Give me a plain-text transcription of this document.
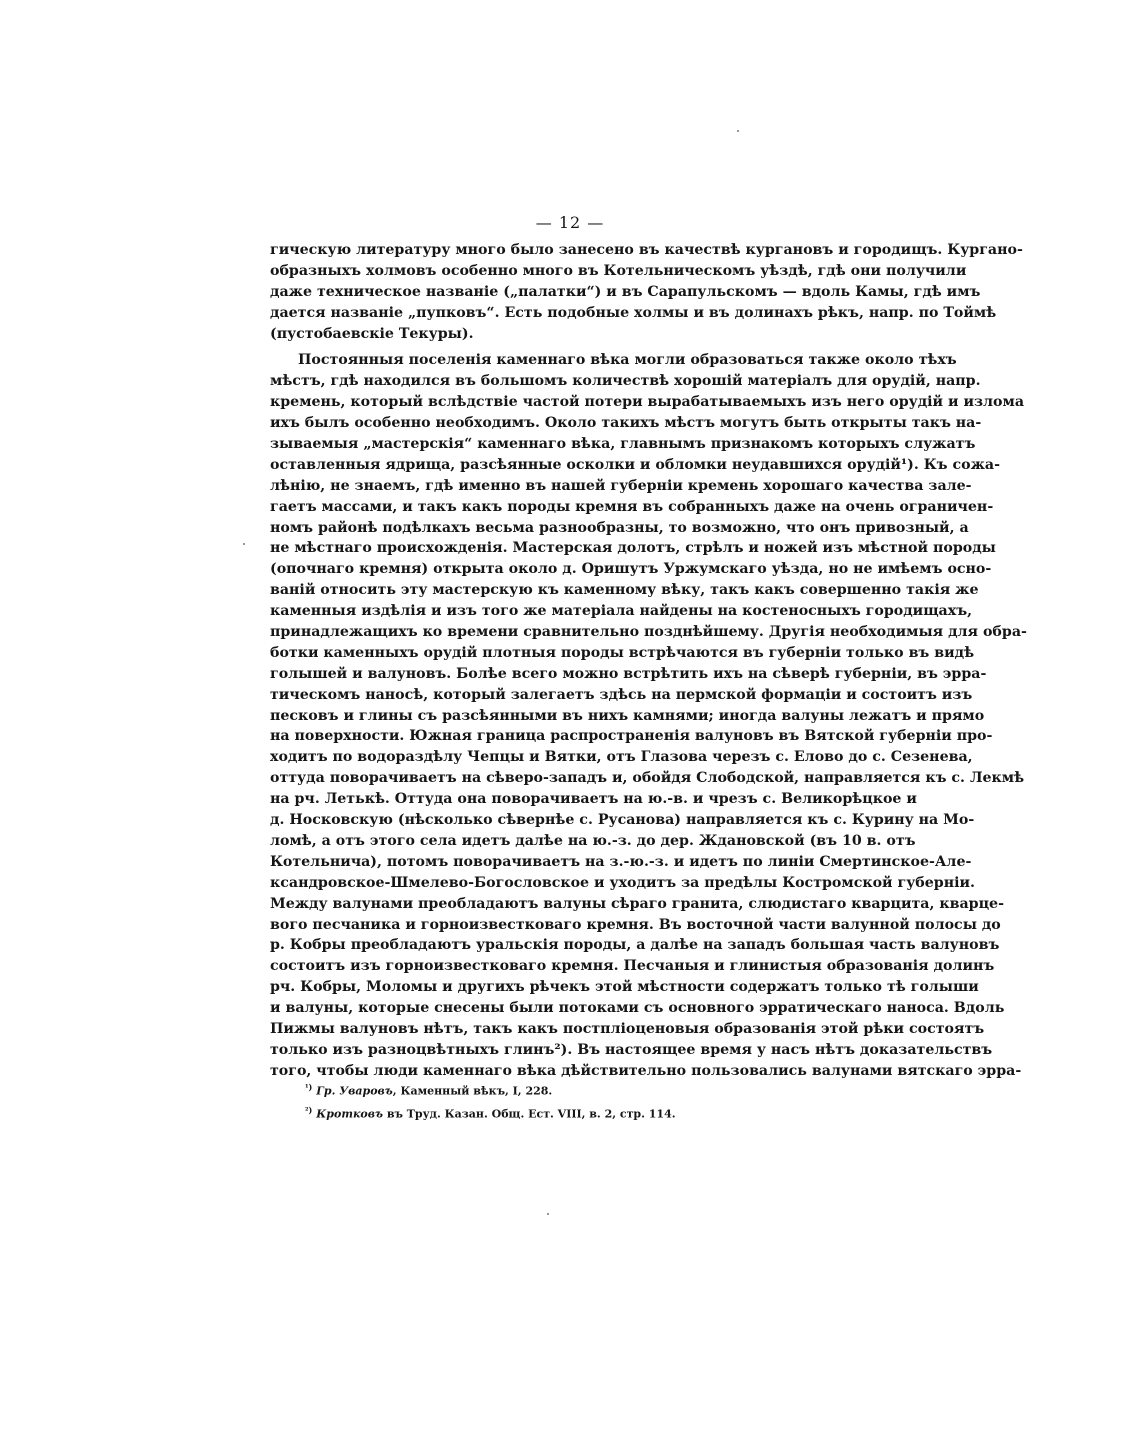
— 12 —
гическую литературу много было занесено въ качествѣ кургановъ и городищъ. Кургано-
образныхъ холмовъ особенно много въ Котельническомъ уѣздѣ, гдѣ они получили
даже техническое названіе („палатки“) и въ Сарапульскомъ — вдоль Камы, гдѣ имъ
дается названіе „пупковъ“. Есть подобные холмы и въ долинахъ рѣкъ, напр. по Тоймѣ
(пустобаевскіе Текуры).
Постоянныя поселенія каменнаго вѣка могли образоваться также около тѣхъ
мѣстъ, гдѣ находился въ большомъ количествѣ хорошій матеріалъ для орудій, напр.
кремень, который вслѣдствіе частой потери вырабатываемыхъ изъ него орудій и излома
ихъ былъ особенно необходимъ. Около такихъ мѣстъ могутъ быть открыты такъ на-
зываемыя „мастерскія“ каменнаго вѣка, главнымъ признакомъ которыхъ служатъ
оставленныя ядрища, разсѣянные осколки и обломки неудавшихся орудій¹). Къ сожа-
лѣнію, не знаемъ, гдѣ именно въ нашей губерніи кремень хорошаго качества зале-
гаетъ массами, и такъ какъ породы кремня въ собранныхъ даже на очень ограничен-
номъ районѣ подѣлкахъ весьма разнообразны, то возможно, что онъ привозный, а
не мѣстнаго происхожденія. Мастерская долотъ, стрѣлъ и ножей изъ мѣстной породы
(опочнаго кремня) открыта около д. Оришутъ Уржумскаго уѣзда, но не имѣемъ осно-
ваній относить эту мастерскую къ каменному вѣку, такъ какъ совершенно такія же
каменныя издѣлія и изъ того же матеріала найдены на костеносныхъ городищахъ,
принадлежащихъ ко времени сравнительно позднѣйшему. Другія необходимыя для обра-
ботки каменныхъ орудій плотныя породы встрѣчаются въ губерніи только въ видѣ
голышей и валуновъ. Болѣе всего можно встрѣтить ихъ на сѣверѣ губерніи, въ эрра-
тическомъ наносѣ, который залегаетъ здѣсь на пермской формаціи и состоитъ изъ
песковъ и глины съ разсѣянными въ нихъ камнями; иногда валуны лежатъ и прямо
на поверхности. Южная граница распространенія валуновъ въ Вятской губерніи про-
ходитъ по водораздѣлу Чепцы и Вятки, отъ Глазова черезъ с. Елово до с. Сезенева,
оттуда поворачиваетъ на сѣверо-западъ и, обойдя Слободской, направляется къ с. Лекмѣ
на рч. Летькѣ. Оттуда она поворачиваетъ на ю.-в. и чрезъ с. Великорѣцкое и
д. Носковскую (нѣсколько сѣвернѣе с. Русанова) направляется къ с. Курину на Мо-
ломѣ, а отъ этого села идетъ далѣе на ю.-з. до дер. Ждановской (въ 10 в. отъ
Котельнича), потомъ поворачиваетъ на з.-ю.-з. и идетъ по линіи Смертинское-Але-
ксандровское-Шмелево-Богословское и уходитъ за предѣлы Костромской губерніи.
Между валунами преобладаютъ валуны сѣраго гранита, слюдистаго кварцита, кварце-
вого песчаника и горноизвестковаго кремня. Въ восточной части валунной полосы до
р. Кобры преобладаютъ уральскія породы, а далѣе на западъ большая часть валуновъ
состоитъ изъ горноизвестковаго кремня. Песчаныя и глинистыя образованія долинъ
рч. Кобры, Моломы и другихъ рѣчекъ этой мѣстности содержатъ только тѣ голыши
и валуны, которые снесены были потоками съ основного эрратическаго наноса. Вдоль
Пижмы валуновъ нѣтъ, такъ какъ постпліоценовыя образованія этой рѣки состоятъ
только изъ разноцвѣтныхъ глинъ²). Въ настоящее время у насъ нѣтъ доказательствъ
того, чтобы люди каменнаго вѣка дѣйствительно пользовались валунами вятскаго эрра-
$^{^1)}$ Гр. Уваровъ, Каменный вѣкъ, I, 228.
$^{^2)}$ Кротковъ въ Труд. Казан. Общ. Ест. VIII, в. 2, стр. 114.
